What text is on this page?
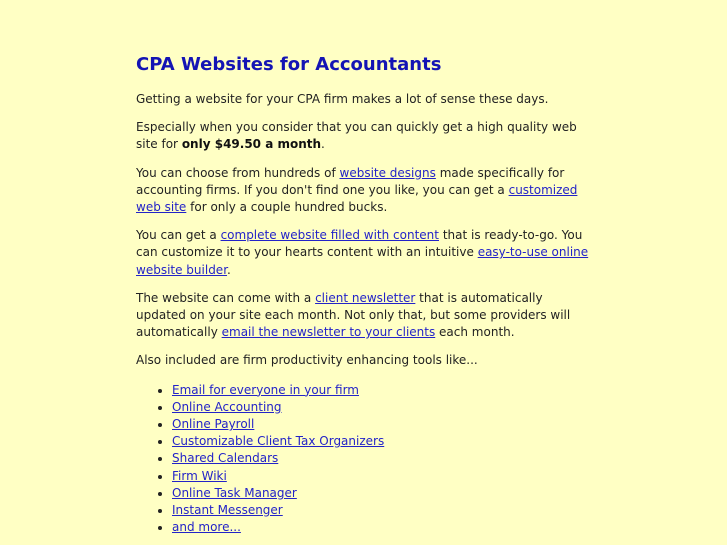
CPA Websites for Accountants

Getting a website for your CPA firm makes a lot of sense these days.

Especially when you consider that you can quickly get a high quality web site for only $49.50 a month.

You can choose from hundreds of website designs made specifically for accounting firms. If you don't find one you like, you can get a customized web site for only a couple hundred bucks.

You can get a complete website filled with content that is ready-to-go. You can customize it to your hearts content with an intuitive easy-to-use online website builder.

The website can come with a client newsletter that is automatically updated on your site each month. Not only that, but some providers will automatically email the newsletter to your clients each month.

Also included are firm productivity enhancing tools like...

• Email for everyone in your firm
• Online Accounting
• Online Payroll
• Customizable Client Tax Organizers
• Shared Calendars
• Firm Wiki
• Online Task Manager
• Instant Messenger
• and more...
